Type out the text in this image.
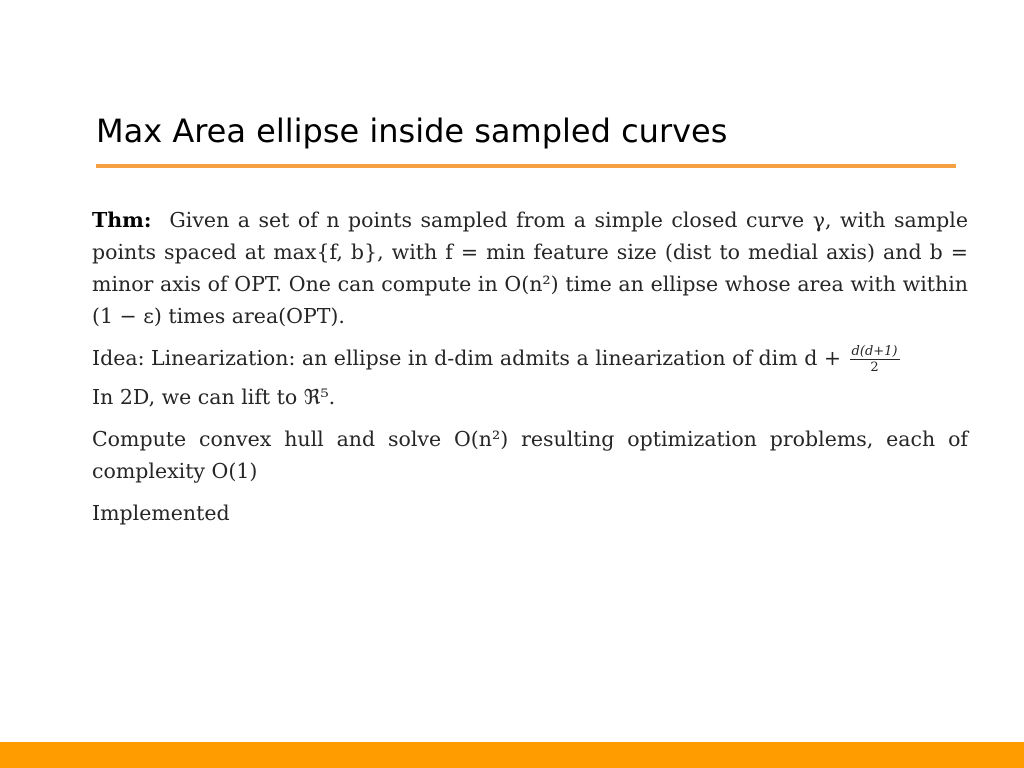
Max Area ellipse inside sampled curves

Thm: Given a set of n points sampled from a simple closed curve γ, with sample points spaced at max{f, b}, with f = min feature size (dist to medial axis) and b = minor axis of OPT. One can compute in O(n²) time an ellipse whose area with within (1 − ε) times area(OPT).

Idea: Linearization: an ellipse in d-dim admits a linearization of dim $d + \frac{d(d+1)}{2}$

In 2D, we can lift to ℜ⁵.

Compute convex hull and solve O(n²) resulting optimization problems, each of complexity O(1)

Implemented
